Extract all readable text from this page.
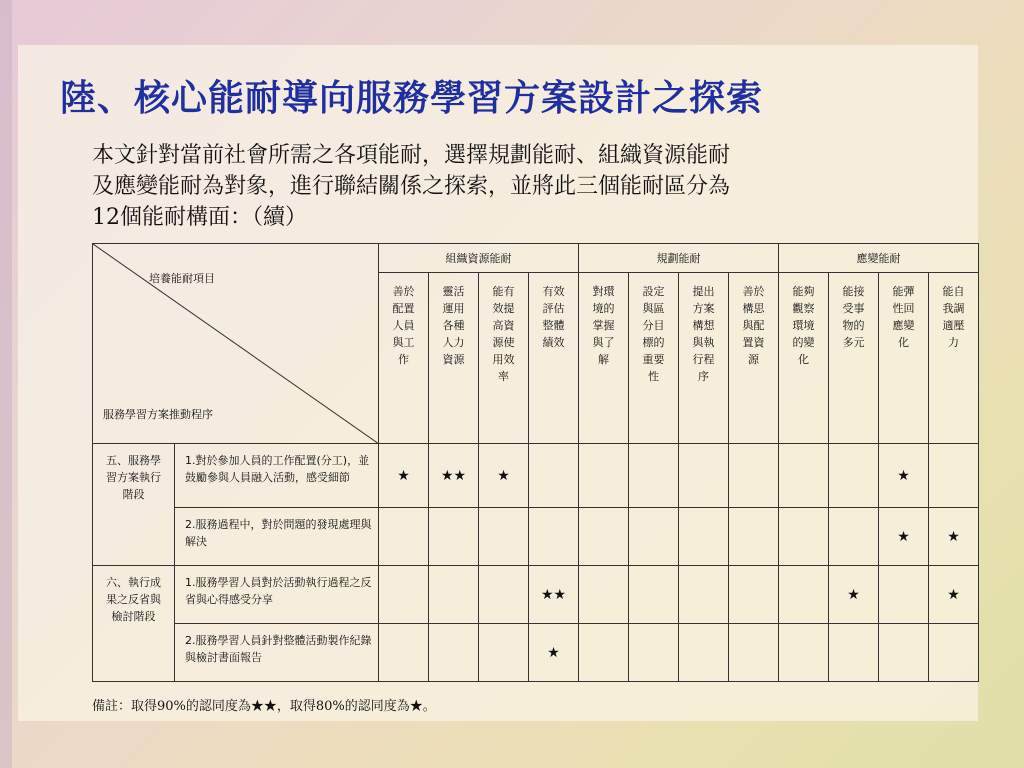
陸、核心能耐導向服務學習方案設計之探索
本文針對當前社會所需之各項能耐，選擇規劃能耐、組織資源能耐
及應變能耐為對象，進行聯結關係之探索，並將此三個能耐區分為
12個能耐構面：（續）
培養能耐項目
服務學習方案推動程序		組織資源能耐				規劃能耐				應變能耐			
		善於配置人員與工作	靈活運用各種人力資源	能有效提高資源使用效率	有效評估整體績效	對環境的掌握與了解	設定與區分目標的重要性	提出方案構想與執行程序	善於構思與配置資源	能夠觀察環境的變化	能接受事物的多元	能彈性回應變化	能自我調適壓力
五、服務學習方案執行階段	1.對於參加人員的工作配置(分工)，並鼓勵參與人員融入活動，感受細節	★	★★	★								★	
	2.服務過程中，對於問題的發現處理與解決											★	★
六、執行成果之反省與檢討階段	1.服務學習人員對於活動執行過程之反省與心得感受分享				★★						★		★
	2.服務學習人員針對整體活動製作紀錄與檢討書面報告				★								
備註：取得90%的認同度為★★，取得80%的認同度為★。
